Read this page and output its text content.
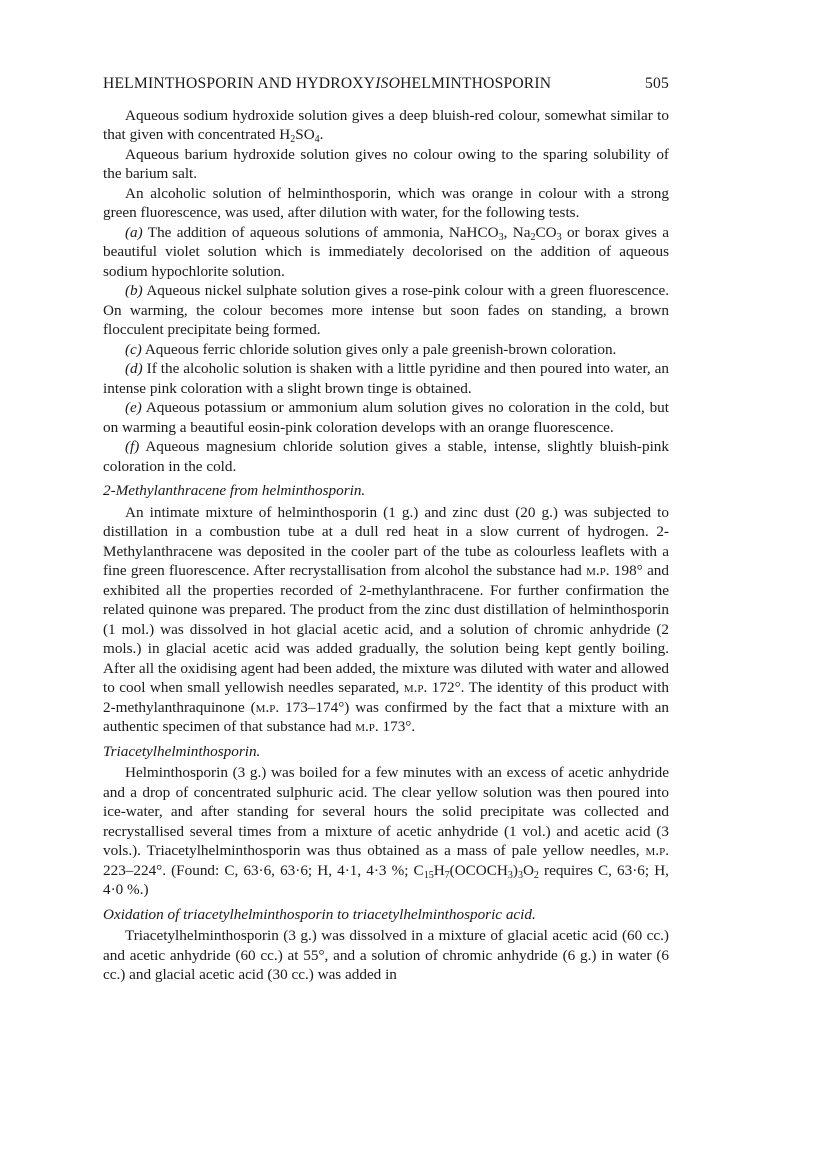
HELMINTHOSPORIN AND HYDROXYISOHELMINTHOSPORIN	505

Aqueous sodium hydroxide solution gives a deep bluish-red colour, somewhat similar to that given with concentrated $H_2SO_4$.

Aqueous barium hydroxide solution gives no colour owing to the sparing solubility of the barium salt.

An alcoholic solution of helminthosporin, which was orange in colour with a strong green fluorescence, was used, after dilution with water, for the following tests.

(a) The addition of aqueous solutions of ammonia, NaHCO$_3$, $Na_2CO_3$ or borax gives a beautiful violet solution which is immediately decolorised on the addition of aqueous sodium hypochlorite solution.

(b) Aqueous nickel sulphate solution gives a rose-pink colour with a green fluorescence. On warming, the colour becomes more intense but soon fades on standing, a brown flocculent precipitate being formed.

(c) Aqueous ferric chloride solution gives only a pale greenish-brown coloration.

(d) If the alcoholic solution is shaken with a little pyridine and then poured into water, an intense pink coloration with a slight brown tinge is obtained.

(e) Aqueous potassium or ammonium alum solution gives no coloration in the cold, but on warming a beautiful eosin-pink coloration develops with an orange fluorescence.

(f) Aqueous magnesium chloride solution gives a stable, intense, slightly bluish-pink coloration in the cold.

2-Methylanthracene from helminthosporin.

An intimate mixture of helminthosporin (1 g.) and zinc dust (20 g.) was subjected to distillation in a combustion tube at a dull red heat in a slow current of hydrogen. 2-Methylanthracene was deposited in the cooler part of the tube as colourless leaflets with a fine green fluorescence. After recrystallisation from alcohol the substance had m.p. 198° and exhibited all the properties recorded of 2-methylanthracene. For further confirmation the related quinone was prepared. The product from the zinc dust distillation of helminthosporin (1 mol.) was dissolved in hot glacial acetic acid, and a solution of chromic anhydride (2 mols.) in glacial acetic acid was added gradually, the solution being kept gently boiling. After all the oxidising agent had been added, the mixture was diluted with water and allowed to cool when small yellowish needles separated, m.p. 172°. The identity of this product with 2-methylanthraquinone (m.p. 173–174°) was confirmed by the fact that a mixture with an authentic specimen of that substance had m.p. 173°.

Triacetylhelminthosporin.

Helminthosporin (3 g.) was boiled for a few minutes with an excess of acetic anhydride and a drop of concentrated sulphuric acid. The clear yellow solution was then poured into ice-water, and after standing for several hours the solid precipitate was collected and recrystallised several times from a mixture of acetic anhydride (1 vol.) and acetic acid (3 vols.). Triacetylhelminthosporin was thus obtained as a mass of pale yellow needles, m.p. 223–224°. (Found: C, 63·6, 63·6; H, 4·1, 4·3 %; $C_{15}H_7(OCOCH_3)_3O_2$ requires C, 63·6; H, 4·0 %.)

Oxidation of triacetylhelminthosporin to triacetylhelminthosporic acid.

Triacetylhelminthosporin (3 g.) was dissolved in a mixture of glacial acetic acid (60 cc.) and acetic anhydride (60 cc.) at 55°, and a solution of chromic anhydride (6 g.) in water (6 cc.) and glacial acetic acid (30 cc.) was added in
